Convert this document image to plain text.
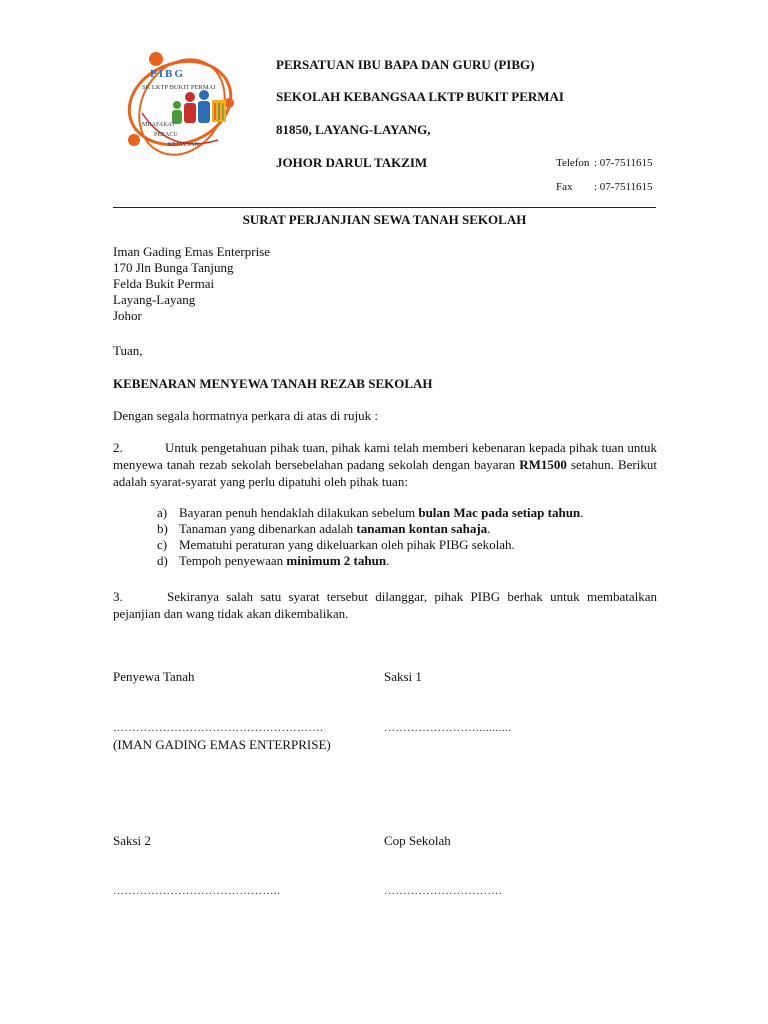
PIBG
SK LKTP BUKIT PERMAI
MUAFAKAT
PERACU
KEJAYAAN
PERSATUAN IBU BAPA DAN GURU (PIBG)
SEKOLAH KEBANGSAA LKTP BUKIT PERMAI
81850, LAYANG-LAYANG,
JOHOR DARUL TAKZIM	Telefon : 07-7511615
Fax : 07-7511615
SURAT PERJANJIAN SEWA TANAH SEKOLAH
Iman Gading Emas Enterprise
170 Jln Bunga Tanjung
Felda Bukit Permai
Layang-Layang
Johor
Tuan,
KEBENARAN MENYEWA TANAH REZAB SEKOLAH
Dengan segala hormatnya perkara di atas di rujuk :
2.	Untuk pengetahuan pihak tuan, pihak kami telah memberi kebenaran kepada pihak tuan untuk menyewa tanah rezab sekolah bersebelahan padang sekolah dengan bayaran RM1500 setahun. Berikut adalah syarat-syarat yang perlu dipatuhi oleh pihak tuan:
a) Bayaran penuh hendaklah dilakukan sebelum bulan Mac pada setiap tahun.
b) Tanaman yang dibenarkan adalah tanaman kontan sahaja.
c) Mematuhi peraturan yang dikeluarkan oleh pihak PIBG sekolah.
d) Tempoh penyewaan minimum 2 tahun.
3.	Sekiranya salah satu syarat tersebut dilanggar, pihak PIBG berhak untuk membatalkan pejanjian dan wang tidak akan dikembalikan.
Penyewa Tanah	Saksi 1
……………………………………………….	……………………...........
(IMAN GADING EMAS ENTERPRISE)
Saksi 2	Cop Sekolah
……………………………………..	………………………….
